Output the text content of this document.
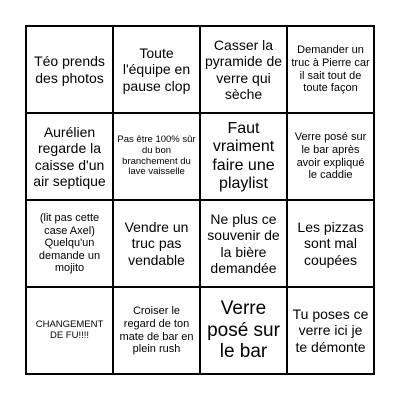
Téo prends des photos	Toute l'équipe en pause clop	Casser la pyramide de verre qui sèche	Demander un truc à Pierre car il sait tout de toute façon
Aurélien regarde la caisse d'un air septique	Pas être 100% sûr du bon branchement du lave vaisselle	Faut vraiment faire une playlist	Verre posé sur le bar après avoir expliqué le caddie
(lit pas cette case Axel) Quelqu'un demande un mojito	Vendre un truc pas vendable	Ne plus ce souvenir de la bière demandée	Les pizzas sont mal coupées
CHANGEMENT DE FU!!!!	Croiser le regard de ton mate de bar en plein rush	Verre posé sur le bar	Tu poses ce verre ici je te démonte
